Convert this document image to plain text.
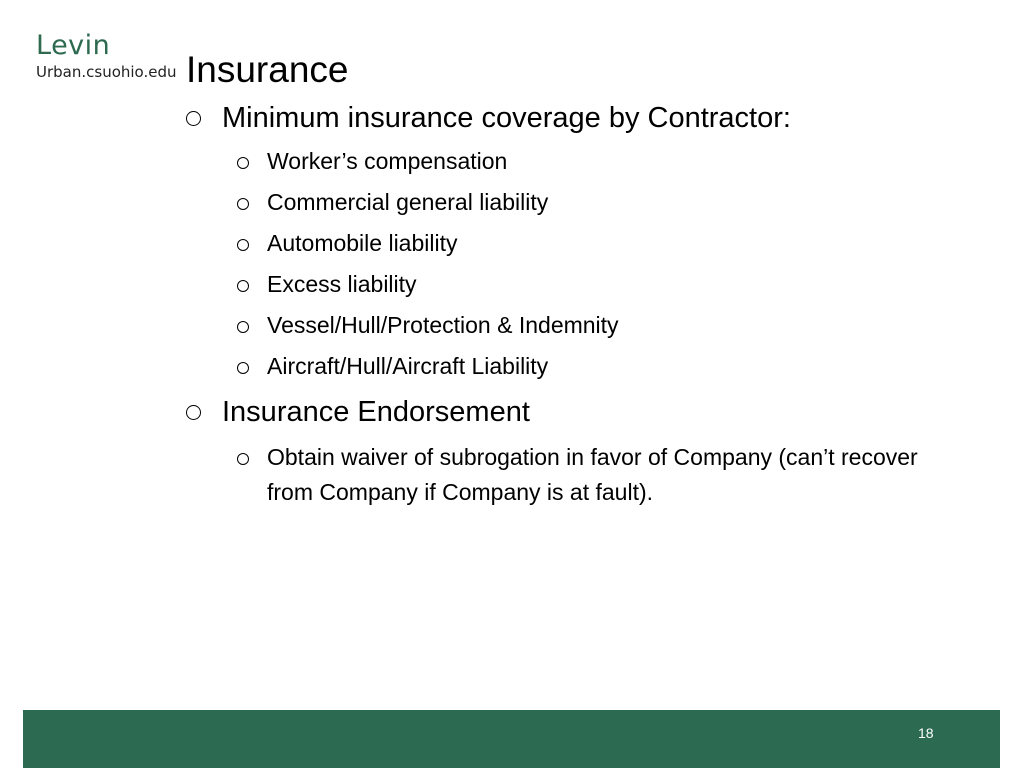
Levin
Urban.csuohio.edu Insurance
Minimum insurance coverage by Contractor:
Worker’s compensation
Commercial general liability
Automobile liability
Excess liability
Vessel/Hull/Protection & Indemnity
Aircraft/Hull/Aircraft Liability
Insurance Endorsement
Obtain waiver of subrogation in favor of Company (can’t recover from Company if Company is at fault).
18
